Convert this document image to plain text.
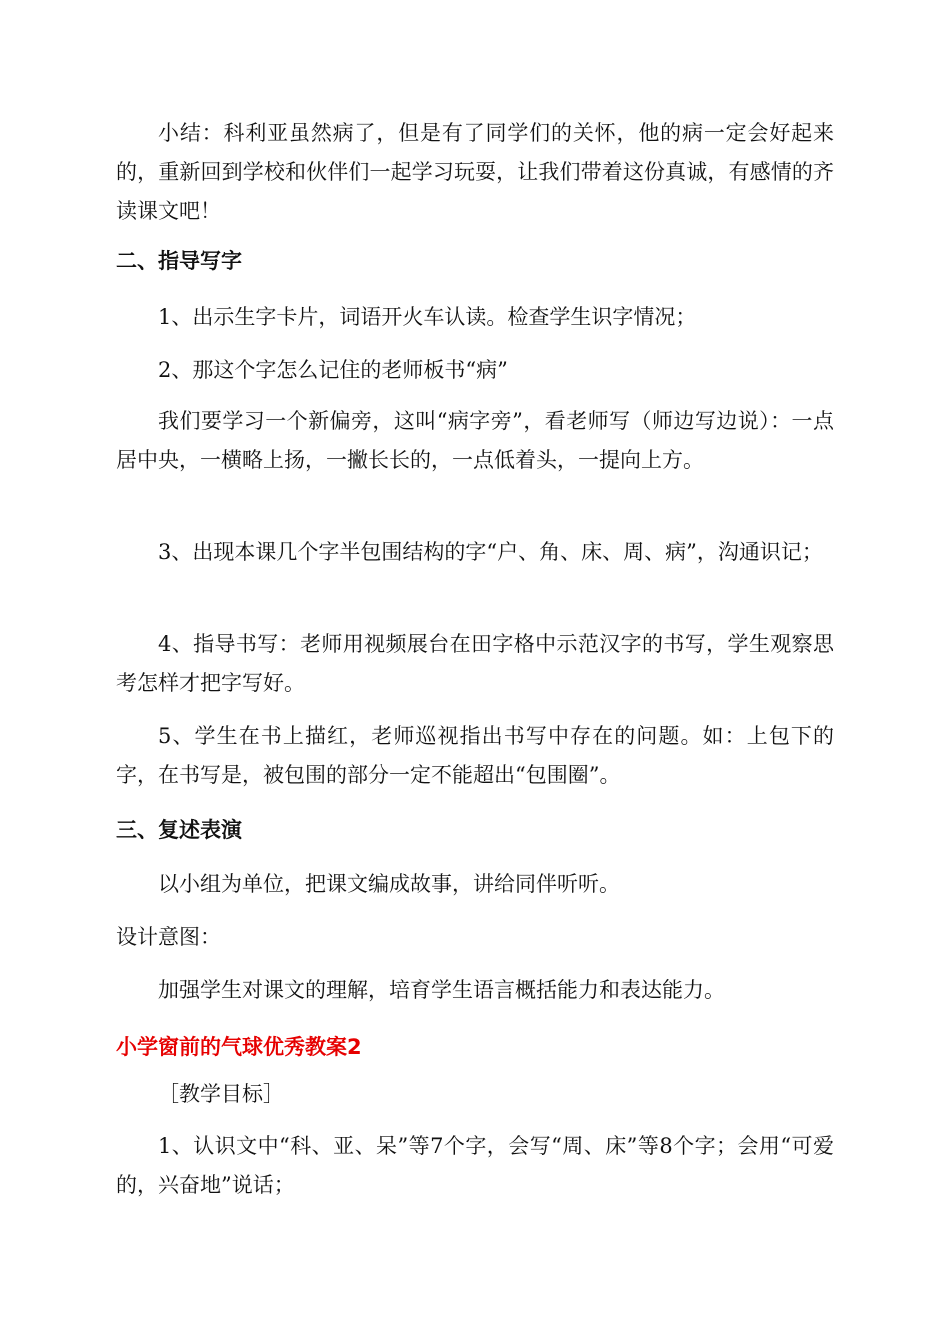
小结：科利亚虽然病了，但是有了同学们的关怀，他的病一定会好起来的，重新回到学校和伙伴们一起学习玩耍，让我们带着这份真诚，有感情的齐读课文吧！

二、指导写字

1、出示生字卡片，词语开火车认读。检查学生识字情况；

2、那这个字怎么记住的老师板书“病”

我们要学习一个新偏旁，这叫“病字旁”，看老师写（师边写边说）：一点居中央，一横略上扬，一撇长长的，一点低着头，一提向上方。

3、出现本课几个字半包围结构的字“户、角、床、周、病”，沟通识记；

4、指导书写：老师用视频展台在田字格中示范汉字的书写，学生观察思考怎样才把字写好。

5、学生在书上描红，老师巡视指出书写中存在的问题。如：上包下的字，在书写是，被包围的部分一定不能超出“包围圈”。

三、复述表演

以小组为单位，把课文编成故事，讲给同伴听听。

设计意图：

加强学生对课文的理解，培育学生语言概括能力和表达能力。

小学窗前的气球优秀教案2

［教学目标］

1、认识文中“科、亚、呆”等7个字，会写“周、床”等8个字；会用“可爱的，兴奋地”说话；
